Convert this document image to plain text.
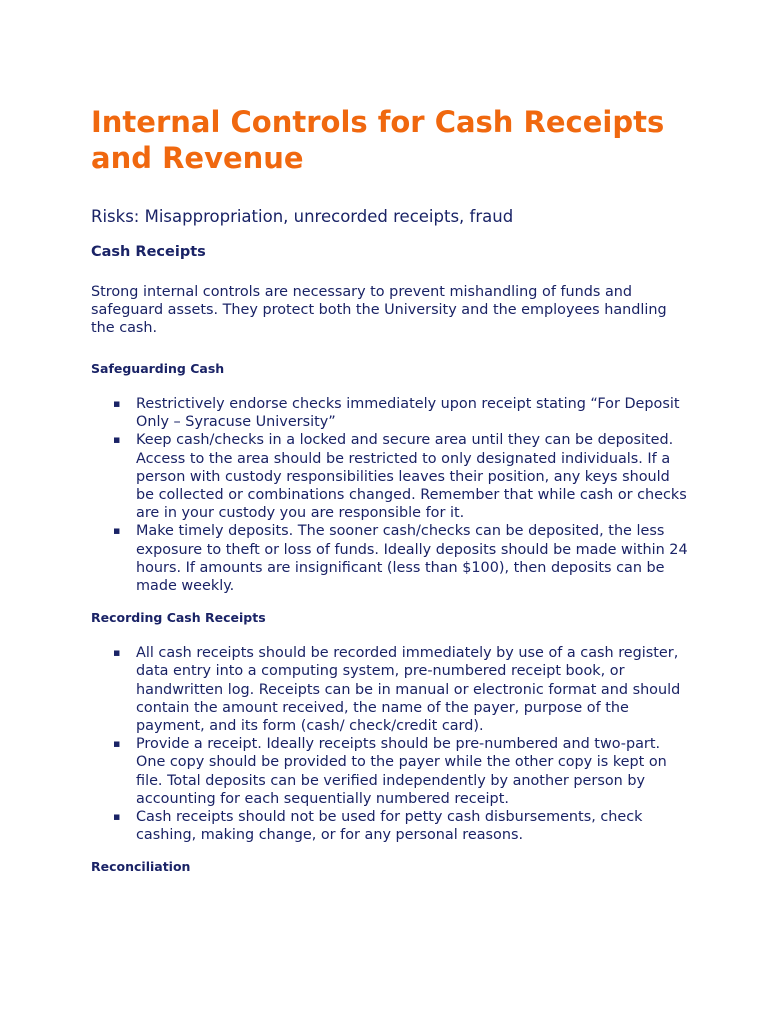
Internal Controls for Cash Receipts and Revenue

Risks: Misappropriation, unrecorded receipts, fraud

Cash Receipts

Strong internal controls are necessary to prevent mishandling of funds and safeguard assets. They protect both the University and the employees handling the cash.

Safeguarding Cash
▪ Restrictively endorse checks immediately upon receipt stating “For Deposit Only – Syracuse University”
▪ Keep cash/checks in a locked and secure area until they can be deposited. Access to the area should be restricted to only designated individuals. If a person with custody responsibilities leaves their position, any keys should be collected or combinations changed. Remember that while cash or checks are in your custody you are responsible for it.
▪ Make timely deposits. The sooner cash/checks can be deposited, the less exposure to theft or loss of funds. Ideally deposits should be made within 24 hours. If amounts are insignificant (less than $100), then deposits can be made weekly.
Recording Cash Receipts
▪ All cash receipts should be recorded immediately by use of a cash register, data entry into a computing system, pre-numbered receipt book, or handwritten log. Receipts can be in manual or electronic format and should contain the amount received, the name of the payer, purpose of the payment, and its form (cash/ check/credit card).
▪ Provide a receipt. Ideally receipts should be pre-numbered and two-part. One copy should be provided to the payer while the other copy is kept on file. Total deposits can be verified independently by another person by accounting for each sequentially numbered receipt.
▪ Cash receipts should not be used for petty cash disbursements, check cashing, making change, or for any personal reasons.
Reconciliation
